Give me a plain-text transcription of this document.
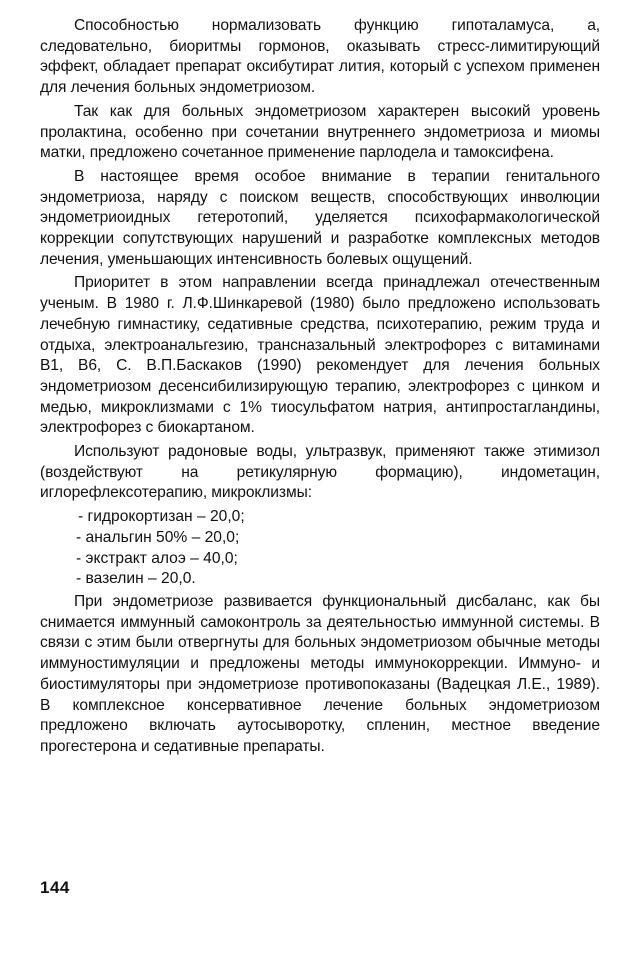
Способностью нормализовать функцию гипоталамуса, а, следовательно, биоритмы гормонов, оказывать стресс-лимитирующий эффект, обладает препарат оксибутират лития, который с успехом применен для лечения больных эндометриозом.

Так как для больных эндометриозом характерен высокий уровень пролактина, особенно при сочетании внутреннего эндометриоза и миомы матки, предложено сочетанное применение парлодела и тамоксифена.

В настоящее время особое внимание в терапии генитального эндометриоза, наряду с поиском веществ, способствующих инволюции эндометриоидных гетеротопий, уделяется психофармакологической коррекции сопутствующих нарушений и разработке комплексных методов лечения, уменьшающих интенсивность болевых ощущений.

Приоритет в этом направлении всегда принадлежал отечественным ученым. В 1980 г. Л.Ф.Шинкаревой (1980) было предложено использовать лечебную гимнастику, седативные средства, психотерапию, режим труда и отдыха, электроанальгезию, трансназальный электрофорез с витаминами В1, В6, С. В.П.Баскаков (1990) рекомендует для лечения больных эндометриозом десенсибилизирующую терапию, электрофорез с цинком и медью, микроклизмами с 1% тиосульфатом натрия, антипростагландины, электрофорез с биокартаном.

Используют радоновые воды, ультразвук, применяют также этимизол (воздействуют на ретикулярную формацию), индометацин, иглорефлексотерапию, микроклизмы:

- гидрокортизан – 20,0;
- анальгин 50% – 20,0;
- экстракт алоэ – 40,0;
- вазелин – 20,0.

При эндометриозе развивается функциональный дисбаланс, как бы снимается иммунный самоконтроль за деятельностью иммунной системы. В связи с этим были отвергнуты для больных эндометриозом обычные методы иммуностимуляции и предложены методы иммунокоррекции. Иммуно- и биостимуляторы при эндометриозе противопоказаны (Вадецкая Л.Е., 1989). В комплексное консервативное лечение больных эндометриозом предложено включать аутосыворотку, спленин, местное введение прогестерона и седативные препараты.

144
